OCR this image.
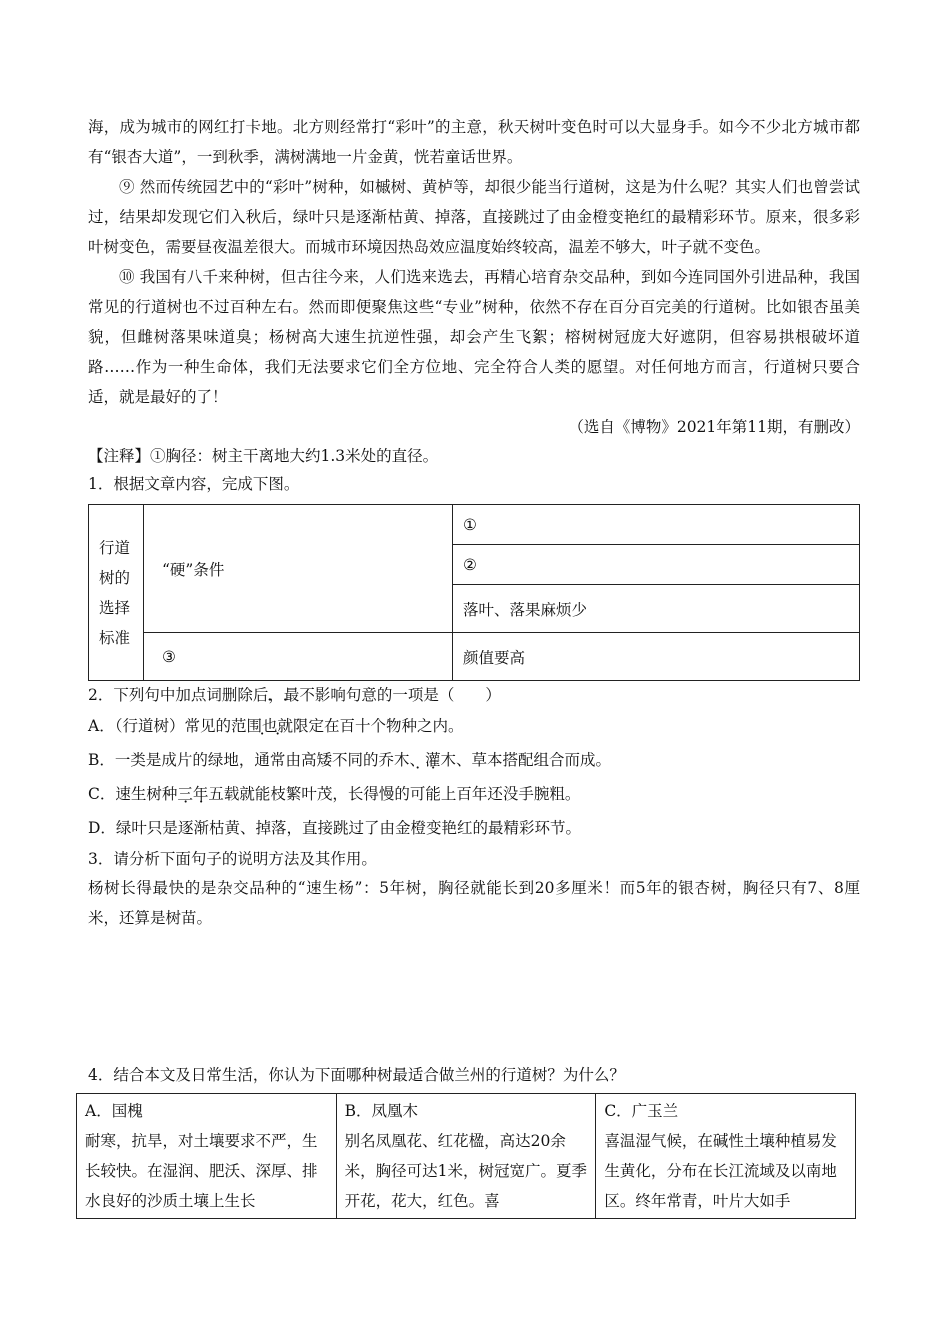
海，成为城市的网红打卡地。北方则经常打“彩叶”的主意，秋天树叶变色时可以大显身手。如今不少北方城市都有“银杏大道”，一到秋季，满树满地一片金黄，恍若童话世界。

⑨ 然而传统园艺中的“彩叶”树种，如槭树、黄栌等，却很少能当行道树，这是为什么呢？其实人们也曾尝试过，结果却发现它们入秋后，绿叶只是逐渐枯黄、掉落，直接跳过了由金橙变艳红的最精彩环节。原来，很多彩叶树变色，需要昼夜温差很大。而城市环境因热岛效应温度始终较高，温差不够大，叶子就不变色。

⑩ 我国有八千来种树，但古往今来，人们选来选去，再精心培育杂交品种，到如今连同国外引进品种，我国常见的行道树也不过百种左右。然而即便聚焦这些“专业”树种，依然不存在百分百完美的行道树。比如银杏虽美貌，但雌树落果味道臭；杨树高大速生抗逆性强，却会产生飞絮；榕树树冠庞大好遮阴，但容易拱根破坏道路……作为一种生命体，我们无法要求它们全方位地、完全符合人类的愿望。对任何地方而言，行道树只要合适，就是最好的了！

（选自《博物》2021年第11期，有删改）

【注释】①胸径：树主干离地大约1.3米处的直径。

1．根据文章内容，完成下图。

行道树的选择标准	“硬”条件	①
		②
		落叶、落果麻烦少
	③	颜值要高

2．下列句中加点词删除后，最不影响句意的一项是（　　）

A．（行道树）常见的范围也就限定在百十个物种之内。

B．一类是成片的绿地，通常由高矮不同的乔木、灌木、草本搭配组合而成。

C．速生树种三年五载就能枝繁叶茂，长得慢的可能上百年还没手腕粗。

D．绿叶只是逐渐枯黄、掉落，直接跳过了由金橙变艳红的最精彩环节。

3．请分析下面句子的说明方法及其作用。

杨树长得最快的是杂交品种的“速生杨”：5年树，胸径就能长到20多厘米！而5年的银杏树，胸径只有7、8厘米，还算是树苗。

4．结合本文及日常生活，你认为下面哪种树最适合做兰州的行道树？为什么？

A．国槐
耐寒，抗旱，对土壤要求不严，生长较快。在湿润、肥沃、深厚、排水良好的沙质土壤上生长

B．凤凰木
别名凤凰花、红花楹，高达20余米，胸径可达1米，树冠宽广。夏季开花，花大，红色。喜

C．广玉兰
喜温湿气候，在碱性土壤种植易发生黄化，分布在长江流域及以南地区。终年常青，叶片大如手
